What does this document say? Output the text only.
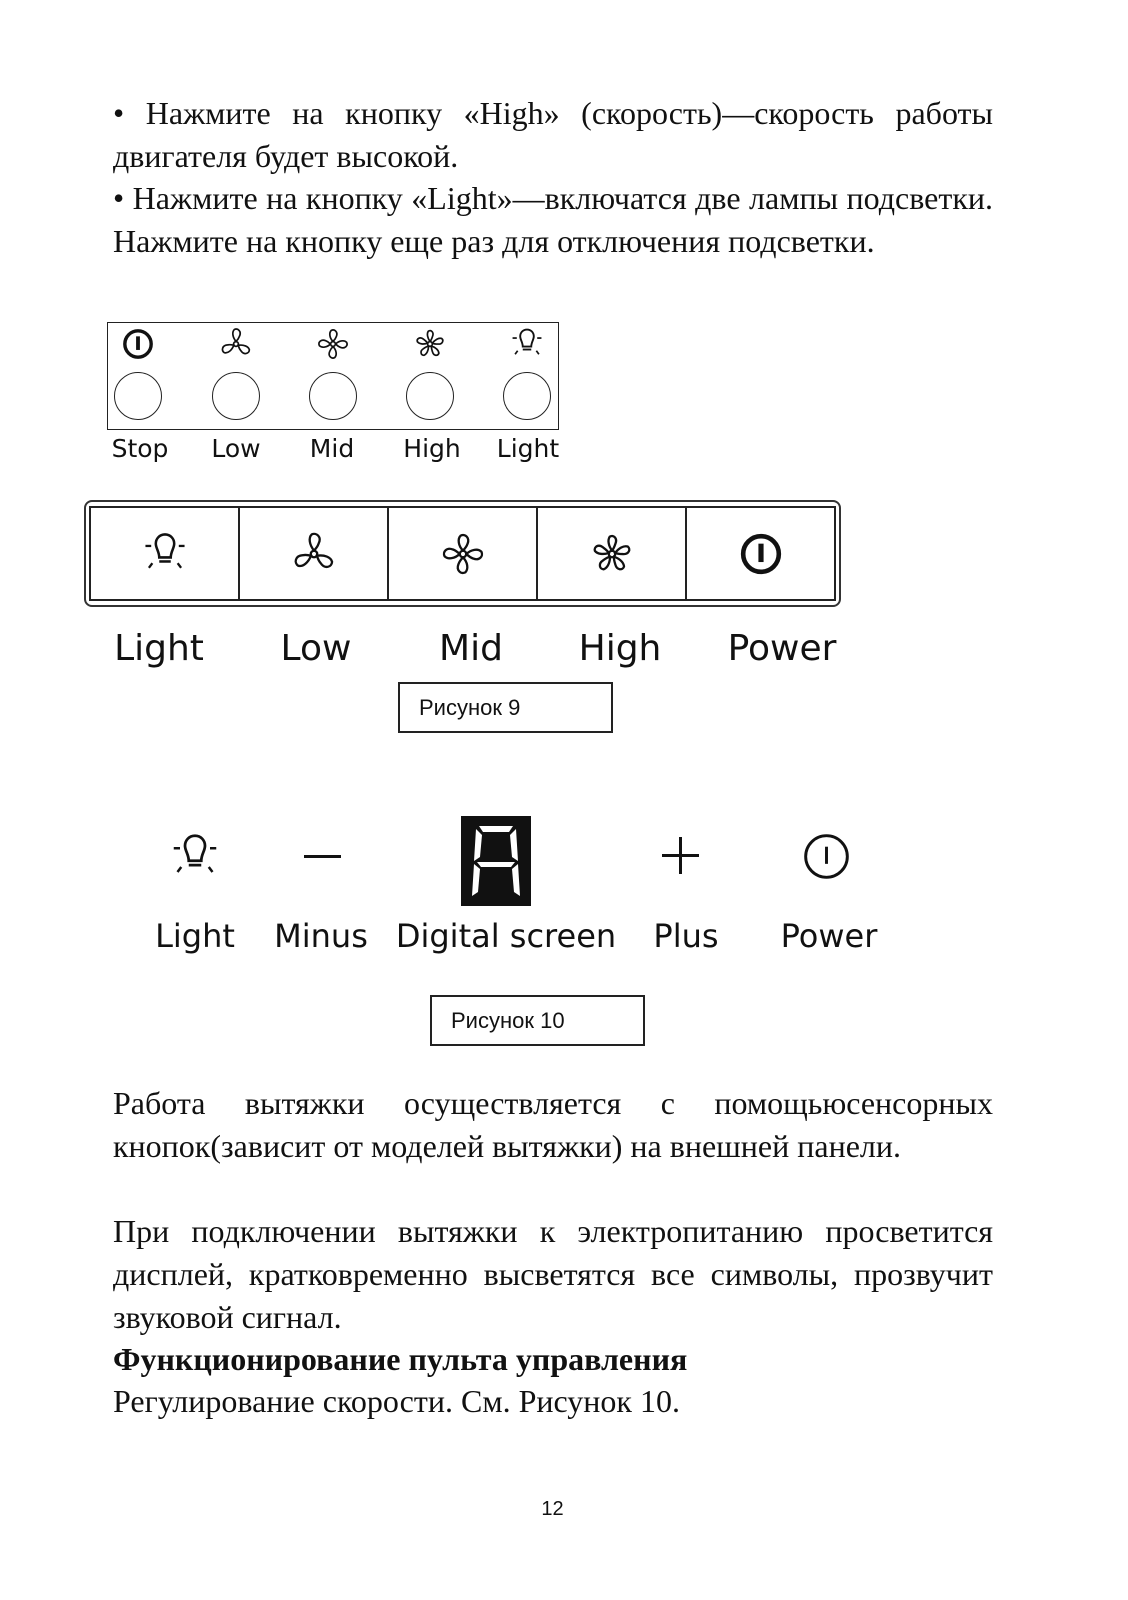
• Нажмите на кнопку «High» (скорость)—скорость работы двигателя будет высокой.

• Нажмите на кнопку «Light»—включатся две лампы подсветки. Нажмите на кнопку еще раз для отключения подсветки.

Stop Low Mid High Light
Light Low Mid High Power
Рисунок 9
Light Minus Digital screen Plus Power
Рисунок 10

Работа вытяжки осуществляется с помощьюсенсорных кнопок(зависит от моделей вытяжки) на внешней панели.

При подключении вытяжки к электропитанию просветится дисплей, кратковременно высветятся все символы, прозвучит звуковой сигнал.

Функционирование пульта управления

Регулирование скорости. См. Рисунок 10.

12
